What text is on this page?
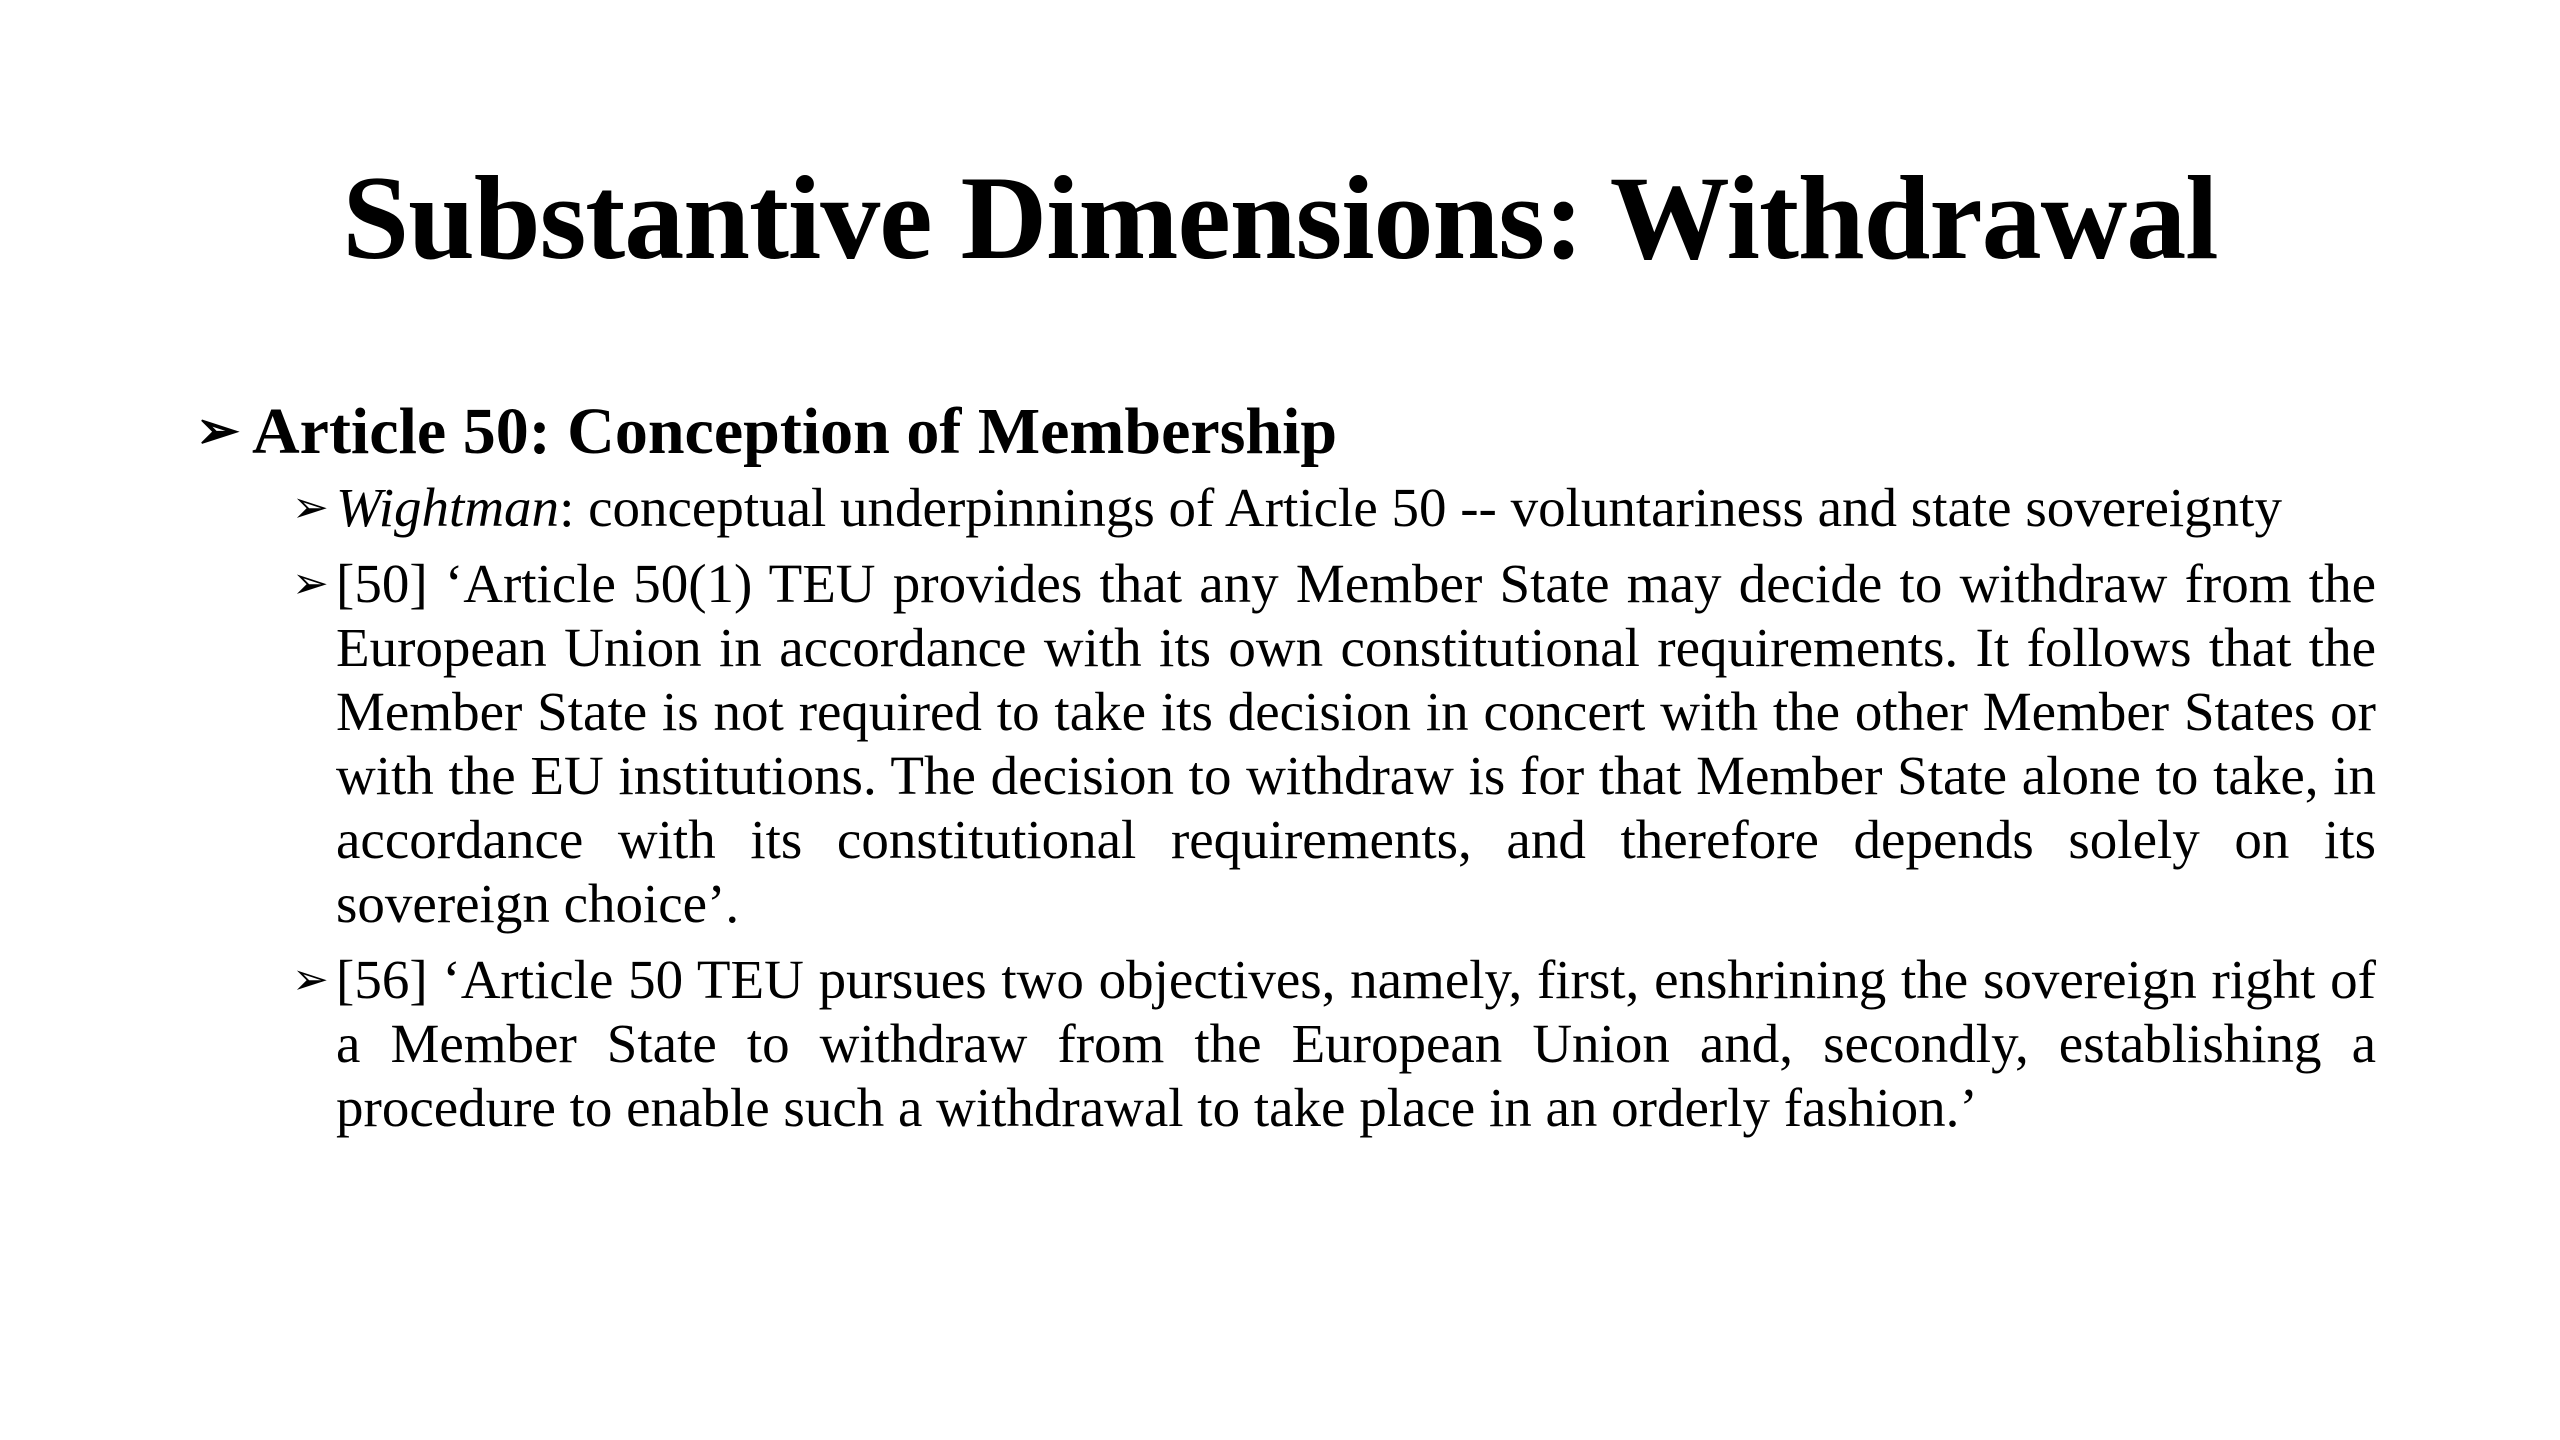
Substantive Dimensions: Withdrawal
➢ Article 50: Conception of Membership
➢ Wightman: conceptual underpinnings of Article 50 -- voluntariness and state sovereignty
➢ [50] ‘Article 50(1) TEU provides that any Member State may decide to withdraw from the European Union in accordance with its own constitutional requirements. It follows that the Member State is not required to take its decision in concert with the other Member States or with the EU institutions. The decision to withdraw is for that Member State alone to take, in accordance with its constitutional requirements, and therefore depends solely on its sovereign choice’.
➢ [56] ‘Article 50 TEU pursues two objectives, namely, first, enshrining the sovereign right of a Member State to withdraw from the European Union and, secondly, establishing a procedure to enable such a withdrawal to take place in an orderly fashion.’
